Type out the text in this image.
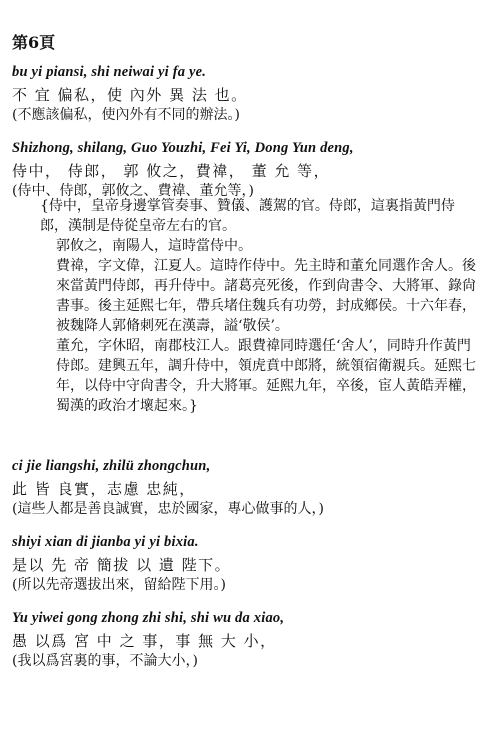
第6頁
bu yi piansi, shi neiwai yi fa ye.
不 宜 偏私，使 內外 異 法 也。
(不應該偏私，使內外有不同的辦法。)
Shizhong, shilang, Guo Youzhi, Fei Yi, Dong Yun deng,
侍中， 侍郎， 郭 攸之，費禕， 董 允 等，
(侍中、侍郎，郭攸之、費禕、董允等，)

{侍中，皇帝身邊掌管奏事、贊儀、護駕的官。侍郎，這裏指黃門侍郎，漢制是侍從皇帝左右的官。

郭攸之，南陽人，這時當侍中。

費禕，字文偉，江夏人。這時作侍中。先主時和董允同選作舍人。後來當黃門侍郎，再升侍中。諸葛亮死後，作到尙書令、大將軍、錄尙書事。後主延熙七年，帶兵堵住魏兵有功勞，封成鄉侯。十六年春，被魏降人郭脩刺死在漢壽，謚‘敬侯’。

董允，字休昭，南郡枝江人。跟費禕同時選任‘舍人’，同時升作黃門侍郎。建興五年，調升侍中，領虎賁中郎將，統領宿衛親兵。延熙七年，以侍中守尙書令，升大將軍。延熙九年，卒後，宦人黃皓弄權，蜀漢的政治才壞起來。}

ci jie liangshi, zhilü zhongchun,
此 皆 良實，志慮 忠純，
(這些人都是善良誠實，忠於國家，專心做事的人，)
shiyi xian di jianba yi yi bixia.
是以 先 帝 簡拔 以 遺 陛下。
(所以先帝選拔出來，留給陛下用。)
Yu yiwei gong zhong zhi shi, shi wu da xiao,
愚 以爲 宮 中 之 事，事 無 大 小，
(我以爲宮裏的事，不論大小，)
